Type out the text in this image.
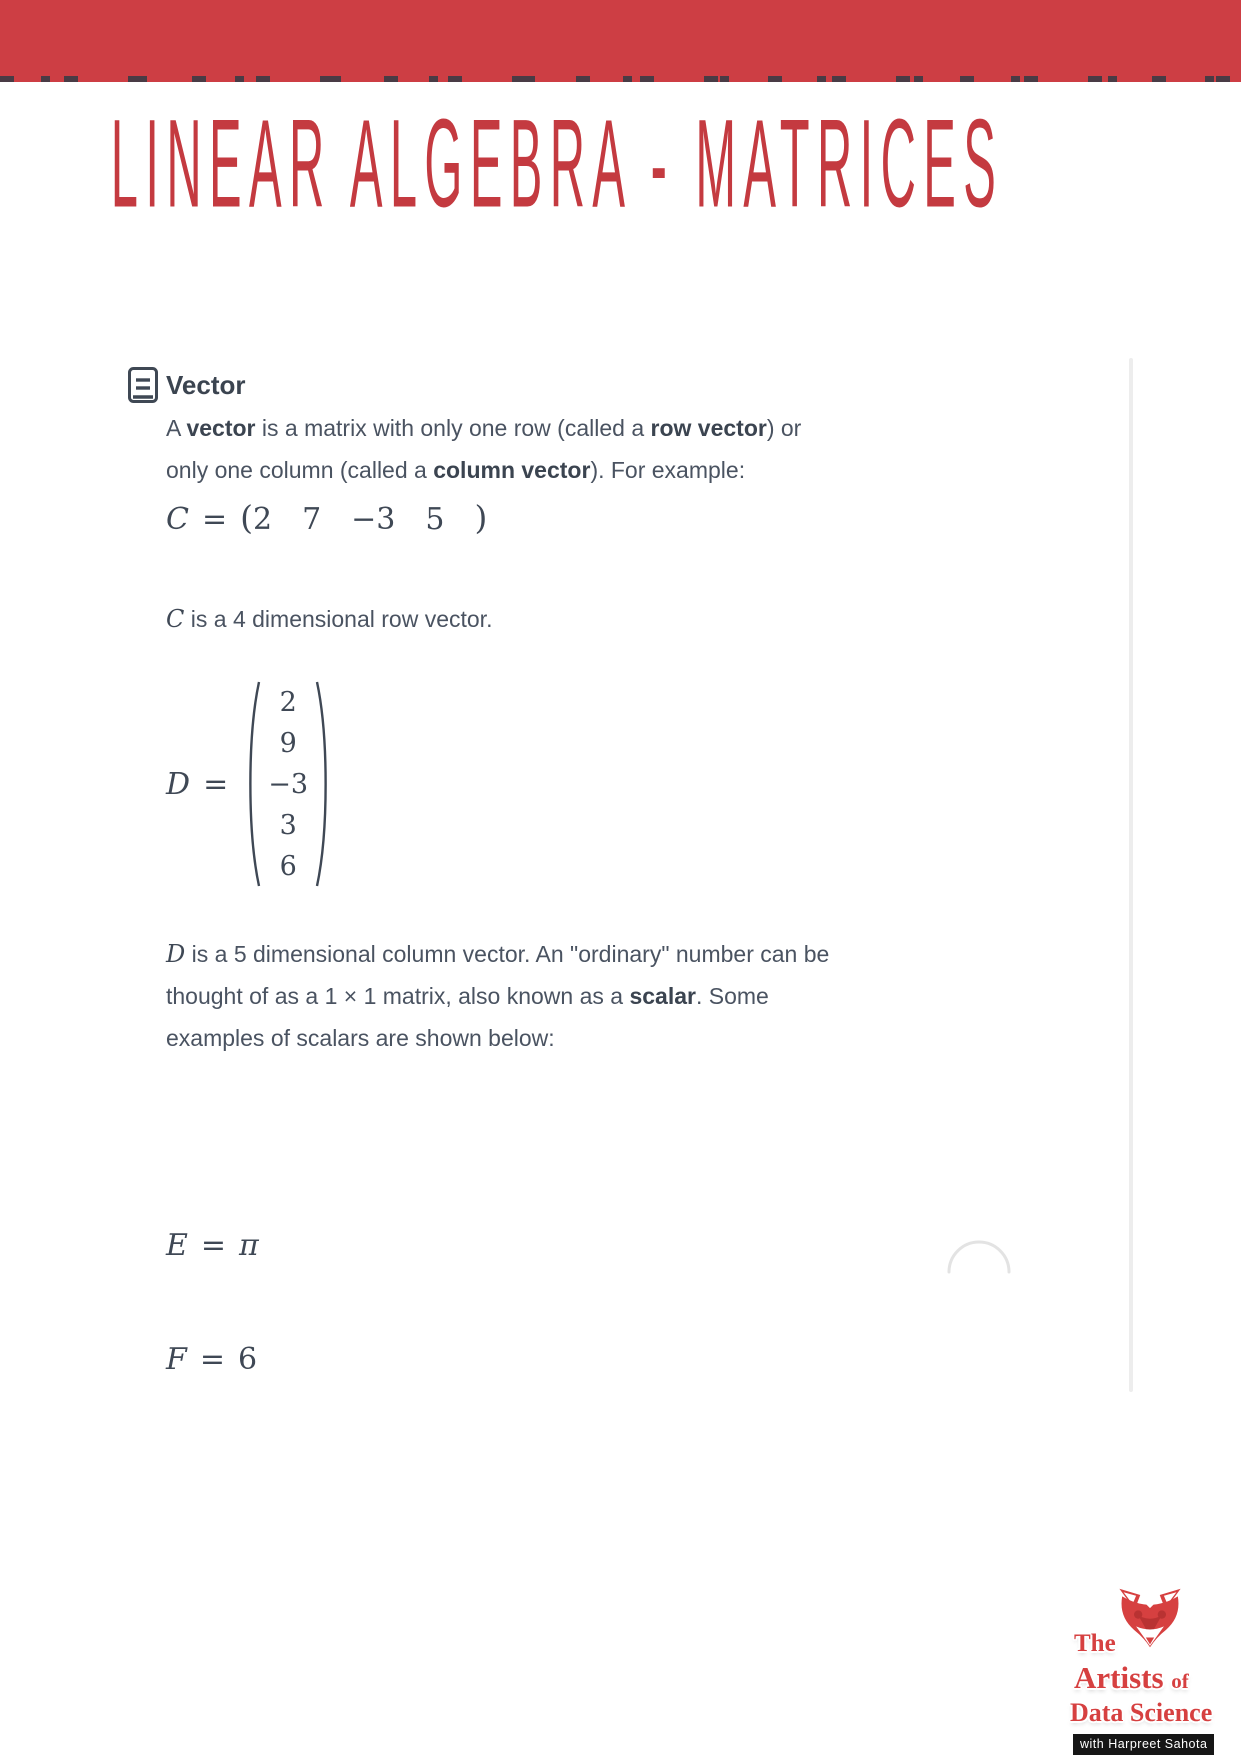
LINEAR ALGEBRA - MATRICES
Vector
A vector is a matrix with only one row (called a row vector) or
only one column (called a column vector). For example:
C = (2 7 −3 5 )
C is a 4 dimensional row vector.
D =
2
9
−3
3
6
D is a 5 dimensional column vector. An "ordinary" number can be
thought of as a 1 × 1 matrix, also known as a scalar. Some
examples of scalars are shown below:
E = π
F = 6
The
Artists of
Data Science
with Harpreet Sahota
